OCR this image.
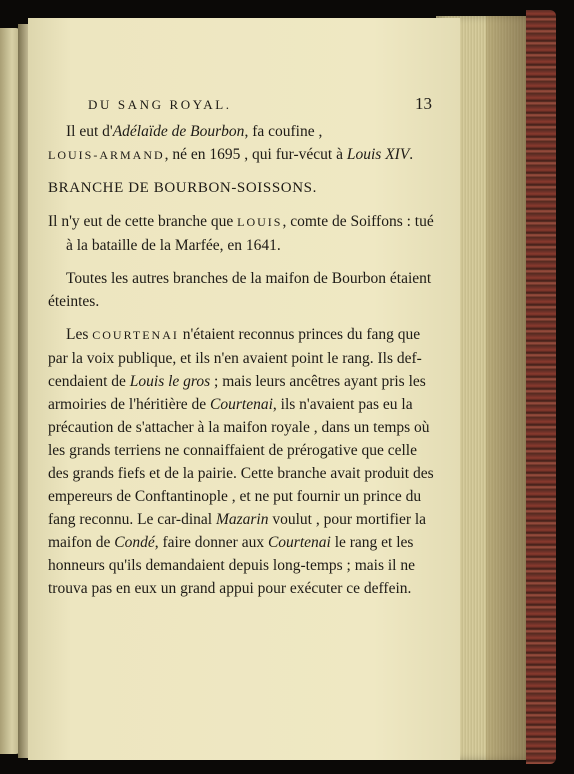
DU SANG ROYAL.	13

Il eut d'Adélaïde de Bourbon, fa coufine ,
LOUIS-ARMAND, né en 1695 , qui fur-vécut à Louis XIV.

BRANCHE DE BOURBON-SOISSONS.

Il n'y eut de cette branche que LOUIS, comte de Soiffons : tué à la bataille de la Marfée, en 1641.

Toutes les autres branches de la maifon de Bourbon étaient éteintes.

Les COURTENAI n'étaient reconnus princes du fang que par la voix publique, et ils n'en avaient point le rang. Ils def-cendaient de Louis le gros ; mais leurs ancêtres ayant pris les armoiries de l'héritière de Courtenai, ils n'avaient pas eu la précaution de s'attacher à la maifon royale , dans un temps où les grands terriens ne connaiffaient de prérogative que celle des grands fiefs et de la pairie. Cette branche avait produit des empereurs de Conftantinople , et ne put fournir un prince du fang reconnu. Le car-dinal Mazarin voulut , pour mortifier la maifon de Condé, faire donner aux Courtenai le rang et les honneurs qu'ils demandaient depuis long-temps ; mais il ne trouva pas en eux un grand appui pour exécuter ce deffein.
